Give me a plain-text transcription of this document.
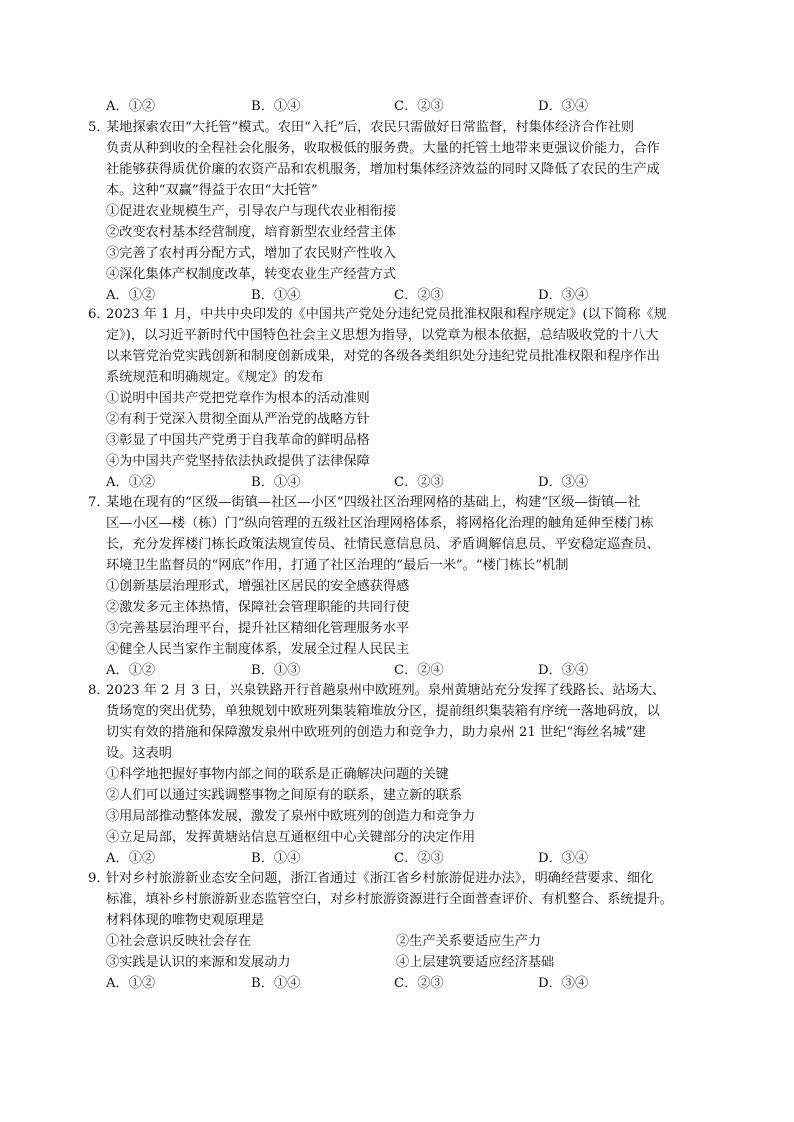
A．①②	B．①④	C．②③	D．③④
5．
某地探索农田“大托管”模式。农田“入托”后，农民只需做好日常监督，村集体经济合作社则
负责从种到收的全程社会化服务，收取极低的服务费。大量的托管土地带来更强议价能力，合作
社能够获得质优价廉的农资产品和农机服务，增加村集体经济效益的同时又降低了农民的生产成
本。这种“双赢”得益于农田“大托管”
①促进农业规模生产，引导农户与现代农业相衔接
②改变农村基本经营制度，培育新型农业经营主体
③完善了农村再分配方式，增加了农民财产性收入
④深化集体产权制度改革，转变农业生产经营方式
A．①②	B．①④	C．②③	D．③④
6．
2023 年 1 月，中共中央印发的《中国共产党处分违纪党员批准权限和程序规定》(以下简称《规
定》)，以习近平新时代中国特色社会主义思想为指导，以党章为根本依据，总结吸收党的十八大
以来管党治党实践创新和制度创新成果，对党的各级各类组织处分违纪党员批准权限和程序作出
系统规范和明确规定。《规定》的发布
①说明中国共产党把党章作为根本的活动准则
②有利于党深入贯彻全面从严治党的战略方针
③彰显了中国共产党勇于自我革命的鲜明品格
④为中国共产党坚持依法执政提供了法律保障
A．①②	B．①④	C．②③	D．③④
7．
某地在现有的“区级—街镇—社区—小区”四级社区治理网格的基础上，构建“区级—街镇—社
区—小区—楼（栋）门”纵向管理的五级社区治理网格体系，将网格化治理的触角延伸至楼门栋
长，充分发挥楼门栋长政策法规宣传员、社情民意信息员、矛盾调解信息员、平安稳定巡查员、
环境卫生监督员的“网底”作用，打通了社区治理的“最后一米”。“楼门栋长”机制
①创新基层治理形式，增强社区居民的安全感获得感
②激发多元主体热情，保障社会管理职能的共同行使
③完善基层治理平台，提升社区精细化管理服务水平
④健全人民当家作主制度体系，发展全过程人民民主
A．①②	B．①③	C．②④	D．③④
8．
2023 年 2 月 3 日，兴泉铁路开行首趟泉州中欧班列。泉州黄塘站充分发挥了线路长、站场大、
货场宽的突出优势，单独规划中欧班列集装箱堆放分区，提前组织集装箱有序统一落地码放，以
切实有效的措施和保障激发泉州中欧班列的创造力和竞争力，助力泉州 21 世纪“海丝名城”建
设。这表明
①科学地把握好事物内部之间的联系是正确解决问题的关键
②人们可以通过实践调整事物之间原有的联系，建立新的联系
③用局部推动整体发展，激发了泉州中欧班列的创造力和竞争力
④立足局部，发挥黄塘站信息互通枢纽中心关键部分的决定作用
A．①②	B．①④	C．②③	D．③④
9．
针对乡村旅游新业态安全问题，浙江省通过《浙江省乡村旅游促进办法》，明确经营要求、细化
标准，填补乡村旅游新业态监管空白，对乡村旅游资源进行全面普查评价、有机整合、系统提升。
材料体现的唯物史观原理是
①社会意识反映社会存在	②生产关系要适应生产力
③实践是认识的来源和发展动力	④上层建筑要适应经济基础
A．①②	B．①④	C．②③	D．③④
